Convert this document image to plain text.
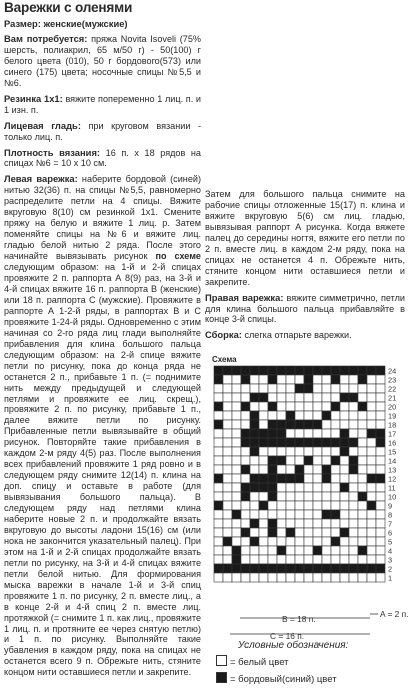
Варежки с оленями
Размер: женские(мужские)

Вам потребуется: пряжа Novita Isoveli (75% шерсть, полиакрил, 65 м/50 г) - 50(100) г белого цвета (010), 50 г бордового(573) или синего (175) цвета; носочные спицы №5,5 и №6.

Резинка 1x1: вяжите попеременно 1 лиц. п. и 1 изн. п.

Лицевая гладь: при круговом вязании - только лиц. п.

Плотность вязания: 16 п. х 18 рядов на спицах №6 = 10 х 10 см.

Левая варежка: наберите бордовой (синей) нитью 32(36) п. на спицы №5,5, равномерно распределите петли на 4 спицы. Вяжите вкруговую 8(10) см резинкой 1х1. Смените пряжу на белую и вяжите 1 лиц. р. Затем поменяйте спицы на №6 и вяжите лиц. гладью белой нитью 2 ряда. После этого начинайте вывязывать рисунок по схеме следующим образом: на 1-й и 2-й спицах провяжите 2 п. раппорта А 8(9) раз, на 3-й и 4-й спицах вяжите 16 п. раппорта В (женские) или 18 п. раппорта С (мужские). Провяжите в раппорте А 1-2-й ряды, в раппортах В и С провяжите 1-24-й ряды. Одновременно с этим начиная со 2-го ряда лиц глади выполняйте прибавления для клина большого пальца следующим образом: на 2-й спице вяжите петли по рисунку, пока до конца ряда не останется 2 п., прибавьте 1 п. (= поднимите нить между предыдущей и следующей петлями и провяжите ее лиц. скрещ.), провяжите 2 п. по рисунку, прибавьте 1 п., далее вяжите петли по рисунку. Прибавленные петли вывязывайте в общий рисунок. Повторяйте такие прибавления в каждом 2-м ряду 4(5) раз. После выполнения всех прибавлений провяжите 1 ряд ровно и в следующем ряду снимите 12(14) п. клина на доп. спицу и оставьте в работе (для вывязывания большого пальца). В следующем ряду над петлями клина наберите новые 2 п. и продолжайте вязать вкруговую до высоты ладони 15(16) см (или нока не закончится указательный палец). При этом на 1-й и 2-й спицах продолжайте вязать петли по рисунку, на 3-й и 4-й спицах вяжите петли белой нитью. Для формирования мыска варежки в начале 1-й и 3-й спиц провяжите 1 п. по рисунку, 2 п. вместе лиц., а в конце 2-й и 4-й спиц 2 п. вместе лиц. протяжкой (= снимите 1 п. как лиц., провяжите 1 лиц. п. и протяните ее через снятую петлю) и 1 п. по рисунку. Выполняйте такие убавления в каждом ряду, пока на спицах не останется всего 9 п. Обрежьте нить, стяните концом нити оставшиеся петли и закрепите.

Затем для большого пальца снимите на рабочие спицы отложенные 15(17) п. клина и вяжите вкруговую 5(6) см лиц. гладью, вывязывая раппорт А рисунка. Когда вяжете палец до середины ногтя, вяжите его петли по 2 п. вместе лиц. в каждом 2-м ряду, пока на спицах не останется 4 п. Обрежьте нить, стяните концом нити оставшиеся петли и закрепите.

Правая варежка: вяжите симметрично, петли для клина большого пальца прибавляйте в конце 3-й спицы.

Сборка: слегка отпарьте варежки.

Схема
24
23
22
21
20
19
18
17
16
15
14
13
12
11
10
9
8
7
6
5
4
3
2
1
B = 18 п.
C = 16 п.
A = 2 п.
Условные обозначения:
= белый цвет
= бордовый(синий) цвет
